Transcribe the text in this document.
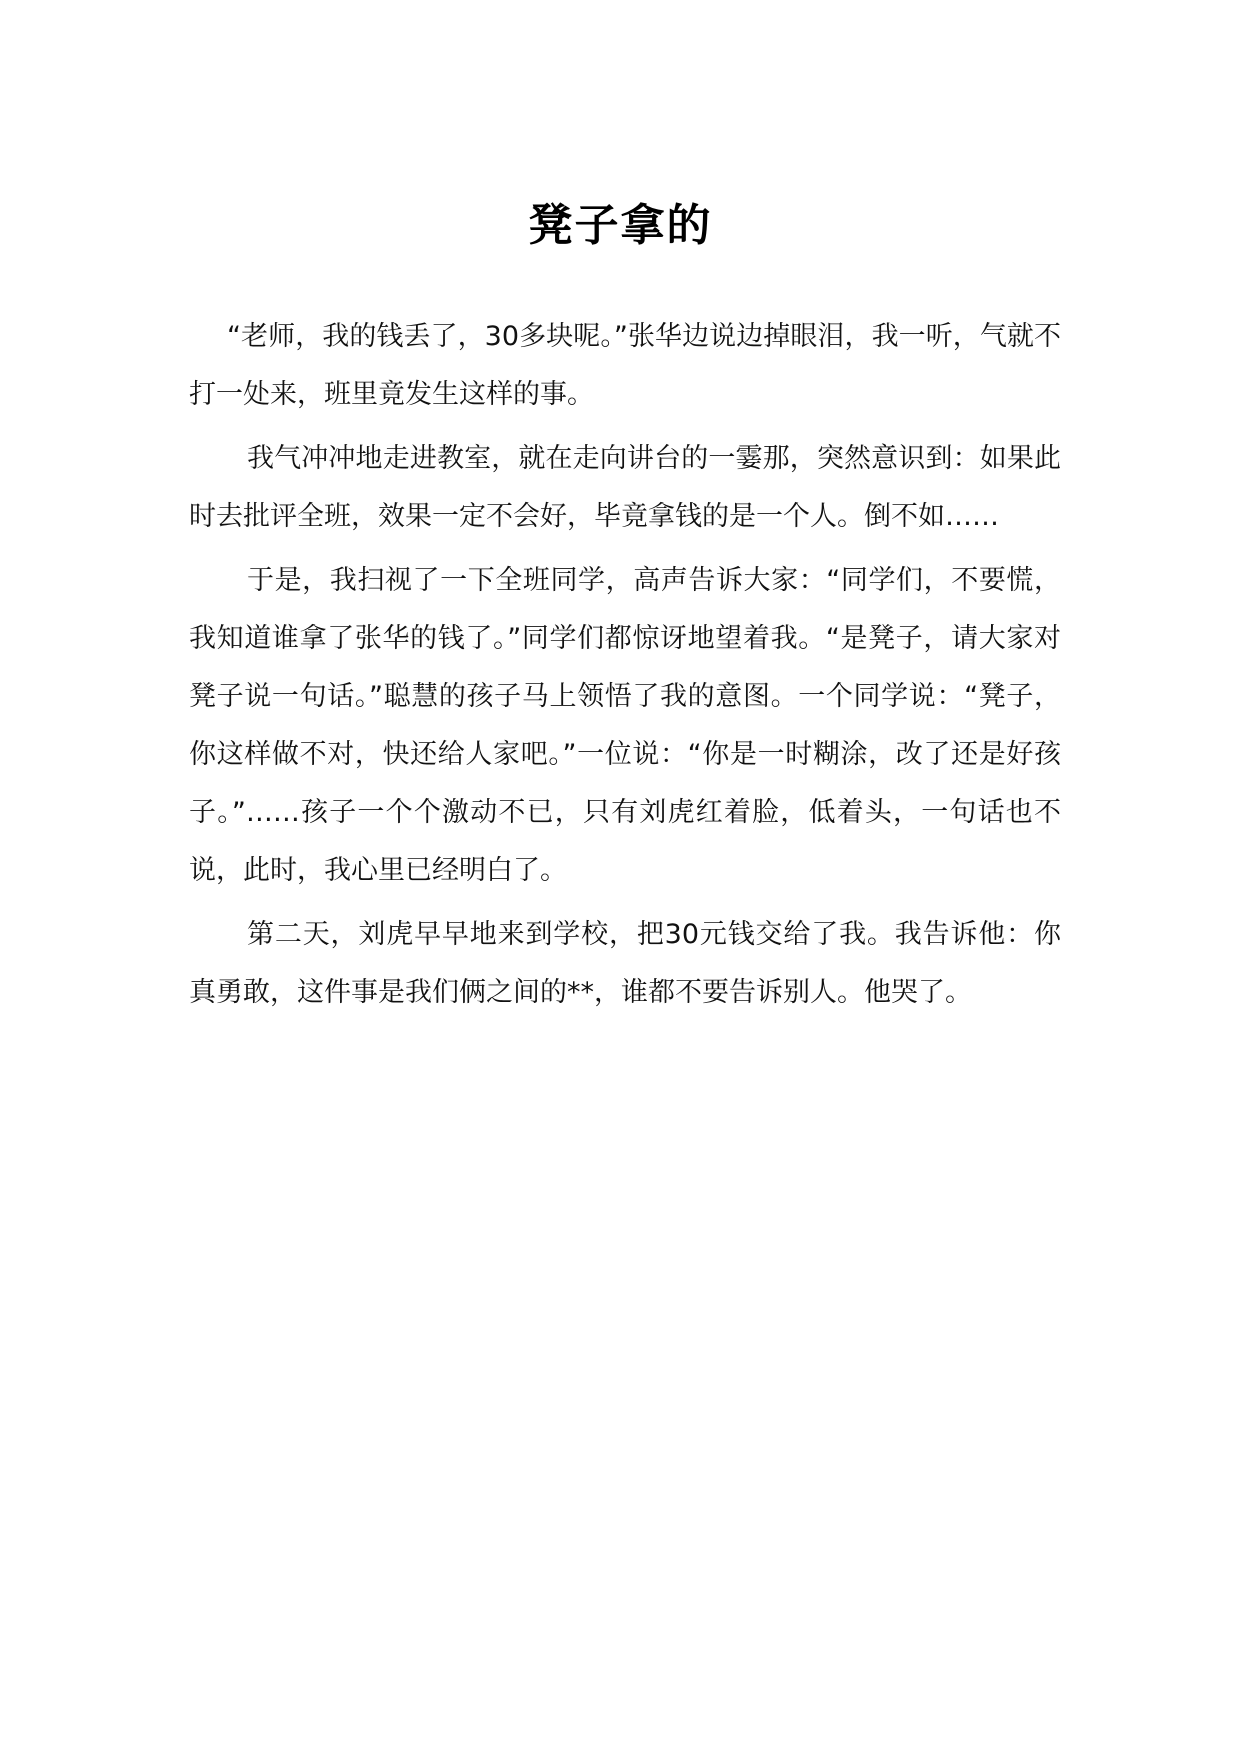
凳子拿的

“老师，我的钱丢了，30多块呢。”张华边说边掉眼泪，我一听，气就不打一处来，班里竟发生这样的事。

我气冲冲地走进教室，就在走向讲台的一霎那，突然意识到：如果此时去批评全班，效果一定不会好，毕竟拿钱的是一个人。倒不如……

于是，我扫视了一下全班同学，高声告诉大家：“同学们，不要慌，我知道谁拿了张华的钱了。”同学们都惊讶地望着我。“是凳子，请大家对凳子说一句话。”聪慧的孩子马上领悟了我的意图。一个同学说：“凳子，你这样做不对，快还给人家吧。”一位说：“你是一时糊涂，改了还是好孩子。”……孩子一个个激动不已，只有刘虎红着脸，低着头，一句话也不说，此时，我心里已经明白了。

第二天，刘虎早早地来到学校，把30元钱交给了我。我告诉他：你真勇敢，这件事是我们俩之间的**，谁都不要告诉别人。他哭了。
